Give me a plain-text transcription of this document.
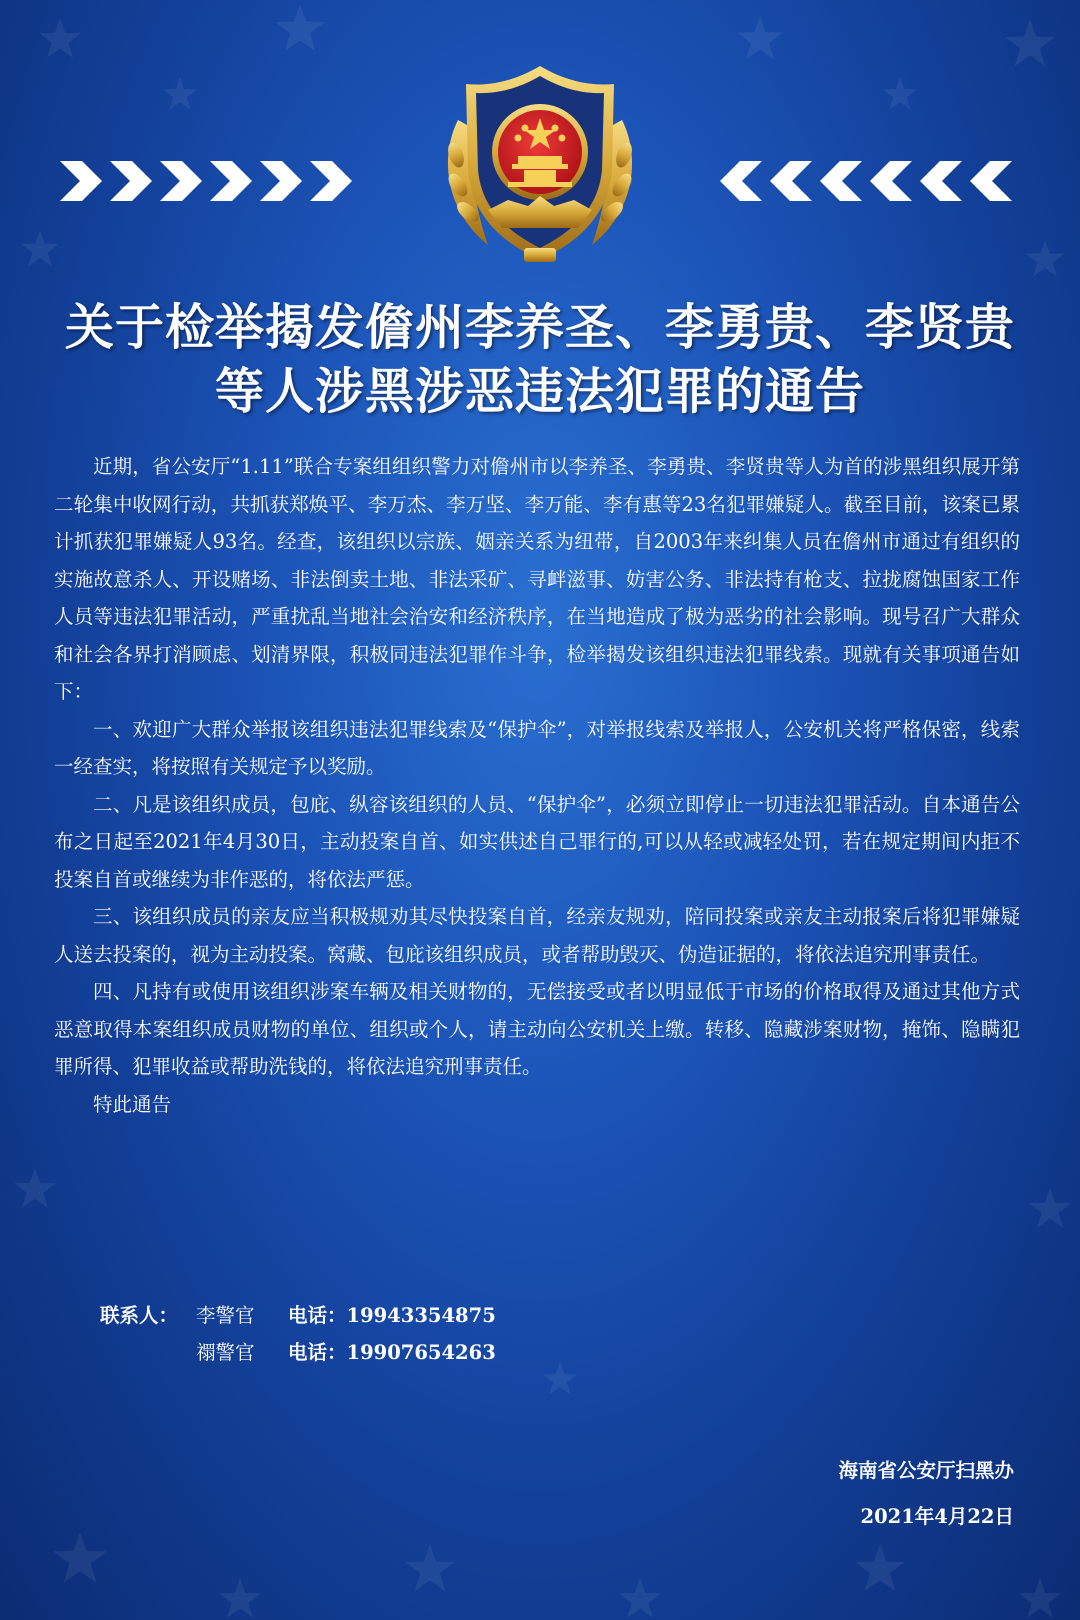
关于检举揭发儋州李养圣、李勇贵、李贤贵
等人涉黑涉恶违法犯罪的通告

近期，省公安厅“1.11”联合专案组组织警力对儋州市以李养圣、李勇贵、李贤贵等人为首的涉黑组织展开第二轮集中收网行动，共抓获郑焕平、李万杰、李万坚、李万能、李有惠等23名犯罪嫌疑人。截至目前，该案已累计抓获犯罪嫌疑人93名。经查，该组织以宗族、姻亲关系为纽带，自2003年来纠集人员在儋州市通过有组织的实施故意杀人、开设赌场、非法倒卖土地、非法采矿、寻衅滋事、妨害公务、非法持有枪支、拉拢腐蚀国家工作人员等违法犯罪活动，严重扰乱当地社会治安和经济秩序，在当地造成了极为恶劣的社会影响。现号召广大群众和社会各界打消顾虑、划清界限，积极同违法犯罪作斗争，检举揭发该组织违法犯罪线索。现就有关事项通告如下：

一、欢迎广大群众举报该组织违法犯罪线索及“保护伞”，对举报线索及举报人，公安机关将严格保密，线索一经查实，将按照有关规定予以奖励。

二、凡是该组织成员，包庇、纵容该组织的人员、“保护伞”，必须立即停止一切违法犯罪活动。自本通告公布之日起至2021年4月30日，主动投案自首、如实供述自己罪行的,可以从轻或减轻处罚，若在规定期间内拒不投案自首或继续为非作恶的，将依法严惩。

三、该组织成员的亲友应当积极规劝其尽快投案自首，经亲友规劝，陪同投案或亲友主动报案后将犯罪嫌疑人送去投案的，视为主动投案。窝藏、包庇该组织成员，或者帮助毁灭、伪造证据的，将依法追究刑事责任。

四、凡持有或使用该组织涉案车辆及相关财物的，无偿接受或者以明显低于市场的价格取得及通过其他方式恶意取得本案组织成员财物的单位、组织或个人，请主动向公安机关上缴。转移、隐藏涉案财物，掩饰、隐瞒犯罪所得、犯罪收益或帮助洗钱的，将依法追究刑事责任。

特此通告

联系人： 李警官 电话：19943354875
禤警官 电话：19907654263
海南省公安厅扫黑办
2021年4月22日
